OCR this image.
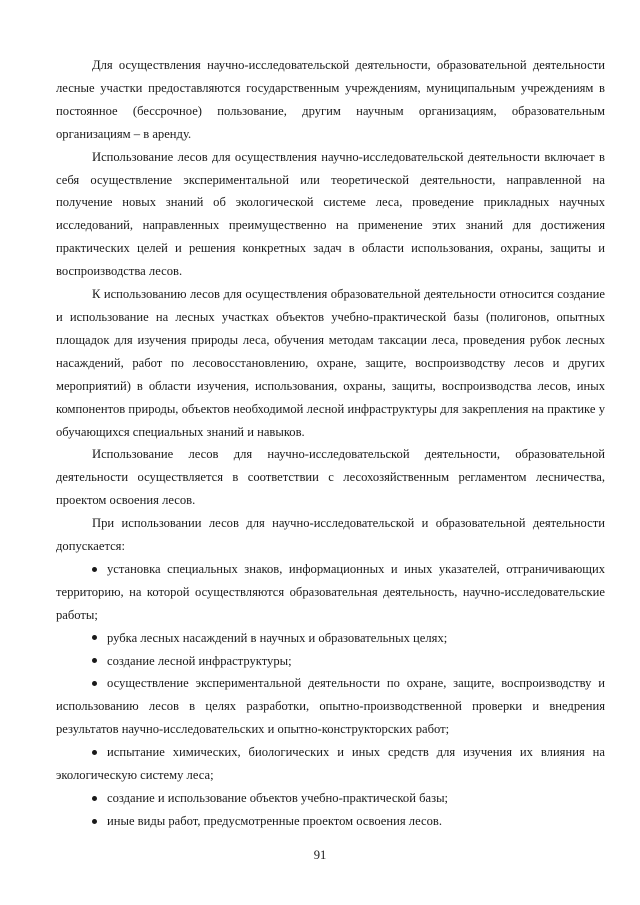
Для осуществления научно-исследовательской деятельности, образовательной деятельности лесные участки предоставляются государственным учреждениям, муниципальным учреждениям в постоянное (бессрочное) пользование, другим научным организациям, образовательным организациям – в аренду.

Использование лесов для осуществления научно-исследовательской деятельности включает в себя осуществление экспериментальной или теоретической деятельности, направленной на получение новых знаний об экологической системе леса, проведение прикладных научных исследований, направленных преимущественно на применение этих знаний для достижения практических целей и решения конкретных задач в области использования, охраны, защиты и воспроизводства лесов.

К использованию лесов для осуществления образовательной деятельности относится создание и использование на лесных участках объектов учебно-практической базы (полигонов, опытных площадок для изучения природы леса, обучения методам таксации леса, проведения рубок лесных насаждений, работ по лесовосстановлению, охране, защите, воспроизводству лесов и других мероприятий) в области изучения, использования, охраны, защиты, воспроизводства лесов, иных компонентов природы, объектов необходимой лесной инфраструктуры для закрепления на практике у обучающихся специальных знаний и навыков.

Использование лесов для научно-исследовательской деятельности, образовательной деятельности осуществляется в соответствии с лесохозяйственным регламентом лесничества, проектом освоения лесов.

При использовании лесов для научно-исследовательской и образовательной деятельности допускается:

установка специальных знаков, информационных и иных указателей, отграничивающих территорию, на которой осуществляются образовательная деятельность, научно-исследовательские работы;
рубка лесных насаждений в научных и образовательных целях;
создание лесной инфраструктуры;
осуществление экспериментальной деятельности по охране, защите, воспроизводству и использованию лесов в целях разработки, опытно-производственной проверки и внедрения результатов научно-исследовательских и опытно-конструкторских работ;
испытание химических, биологических и иных средств для изучения их влияния на экологическую систему леса;
создание и использование объектов учебно-практической базы;
иные виды работ, предусмотренные проектом освоения лесов.
91
